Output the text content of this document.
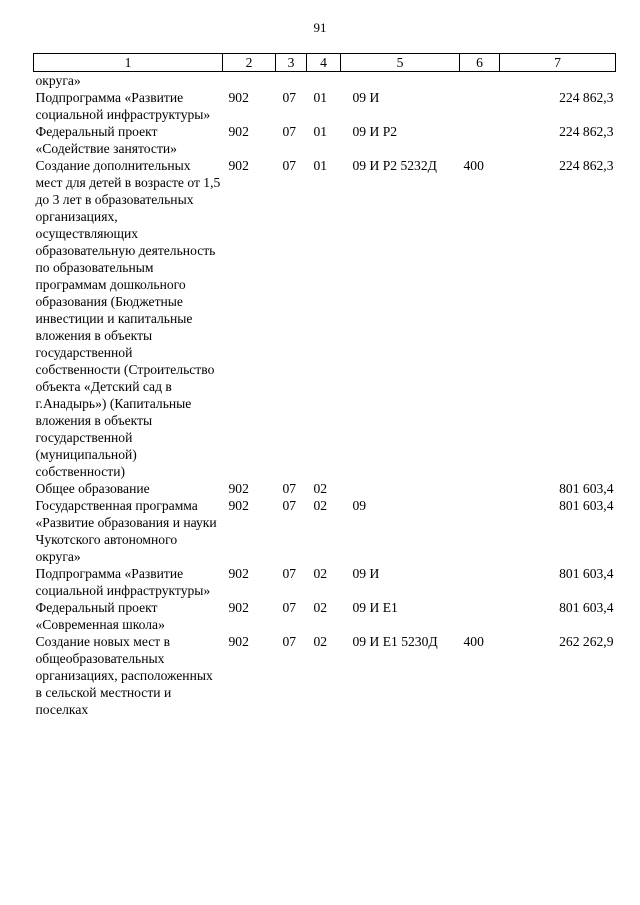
91
1	2	3	4	5	6	7
округа»						
Подпрограмма «Развитие социальной инфраструктуры»	902	07	01	09 И		224 862,3
Федеральный проект «Содействие занятости»	902	07	01	09 И Р2		224 862,3
Создание дополнительных мест для детей в возрасте от 1,5 до 3 лет в образовательных организациях, осуществляющих образовательную деятельность по образовательным программам дошкольного образования (Бюджетные инвестиции и капитальные вложения в объекты государственной собственности (Строительство объекта «Детский сад в г.Анадырь») (Капитальные вложения в объекты государственной (муниципальной) собственности)	902	07	01	09 И Р2 5232Д	400	224 862,3
Общее образование	902	07	02			801 603,4
Государственная программа «Развитие образования и науки Чукотского автономного округа»	902	07	02	09		801 603,4
Подпрограмма «Развитие социальной инфраструктуры»	902	07	02	09 И		801 603,4
Федеральный проект «Современная школа»	902	07	02	09 И Е1		801 603,4
Создание новых мест в общеобразовательных организациях, расположенных в сельской местности и поселках	902	07	02	09 И Е1 5230Д	400	262 262,9
